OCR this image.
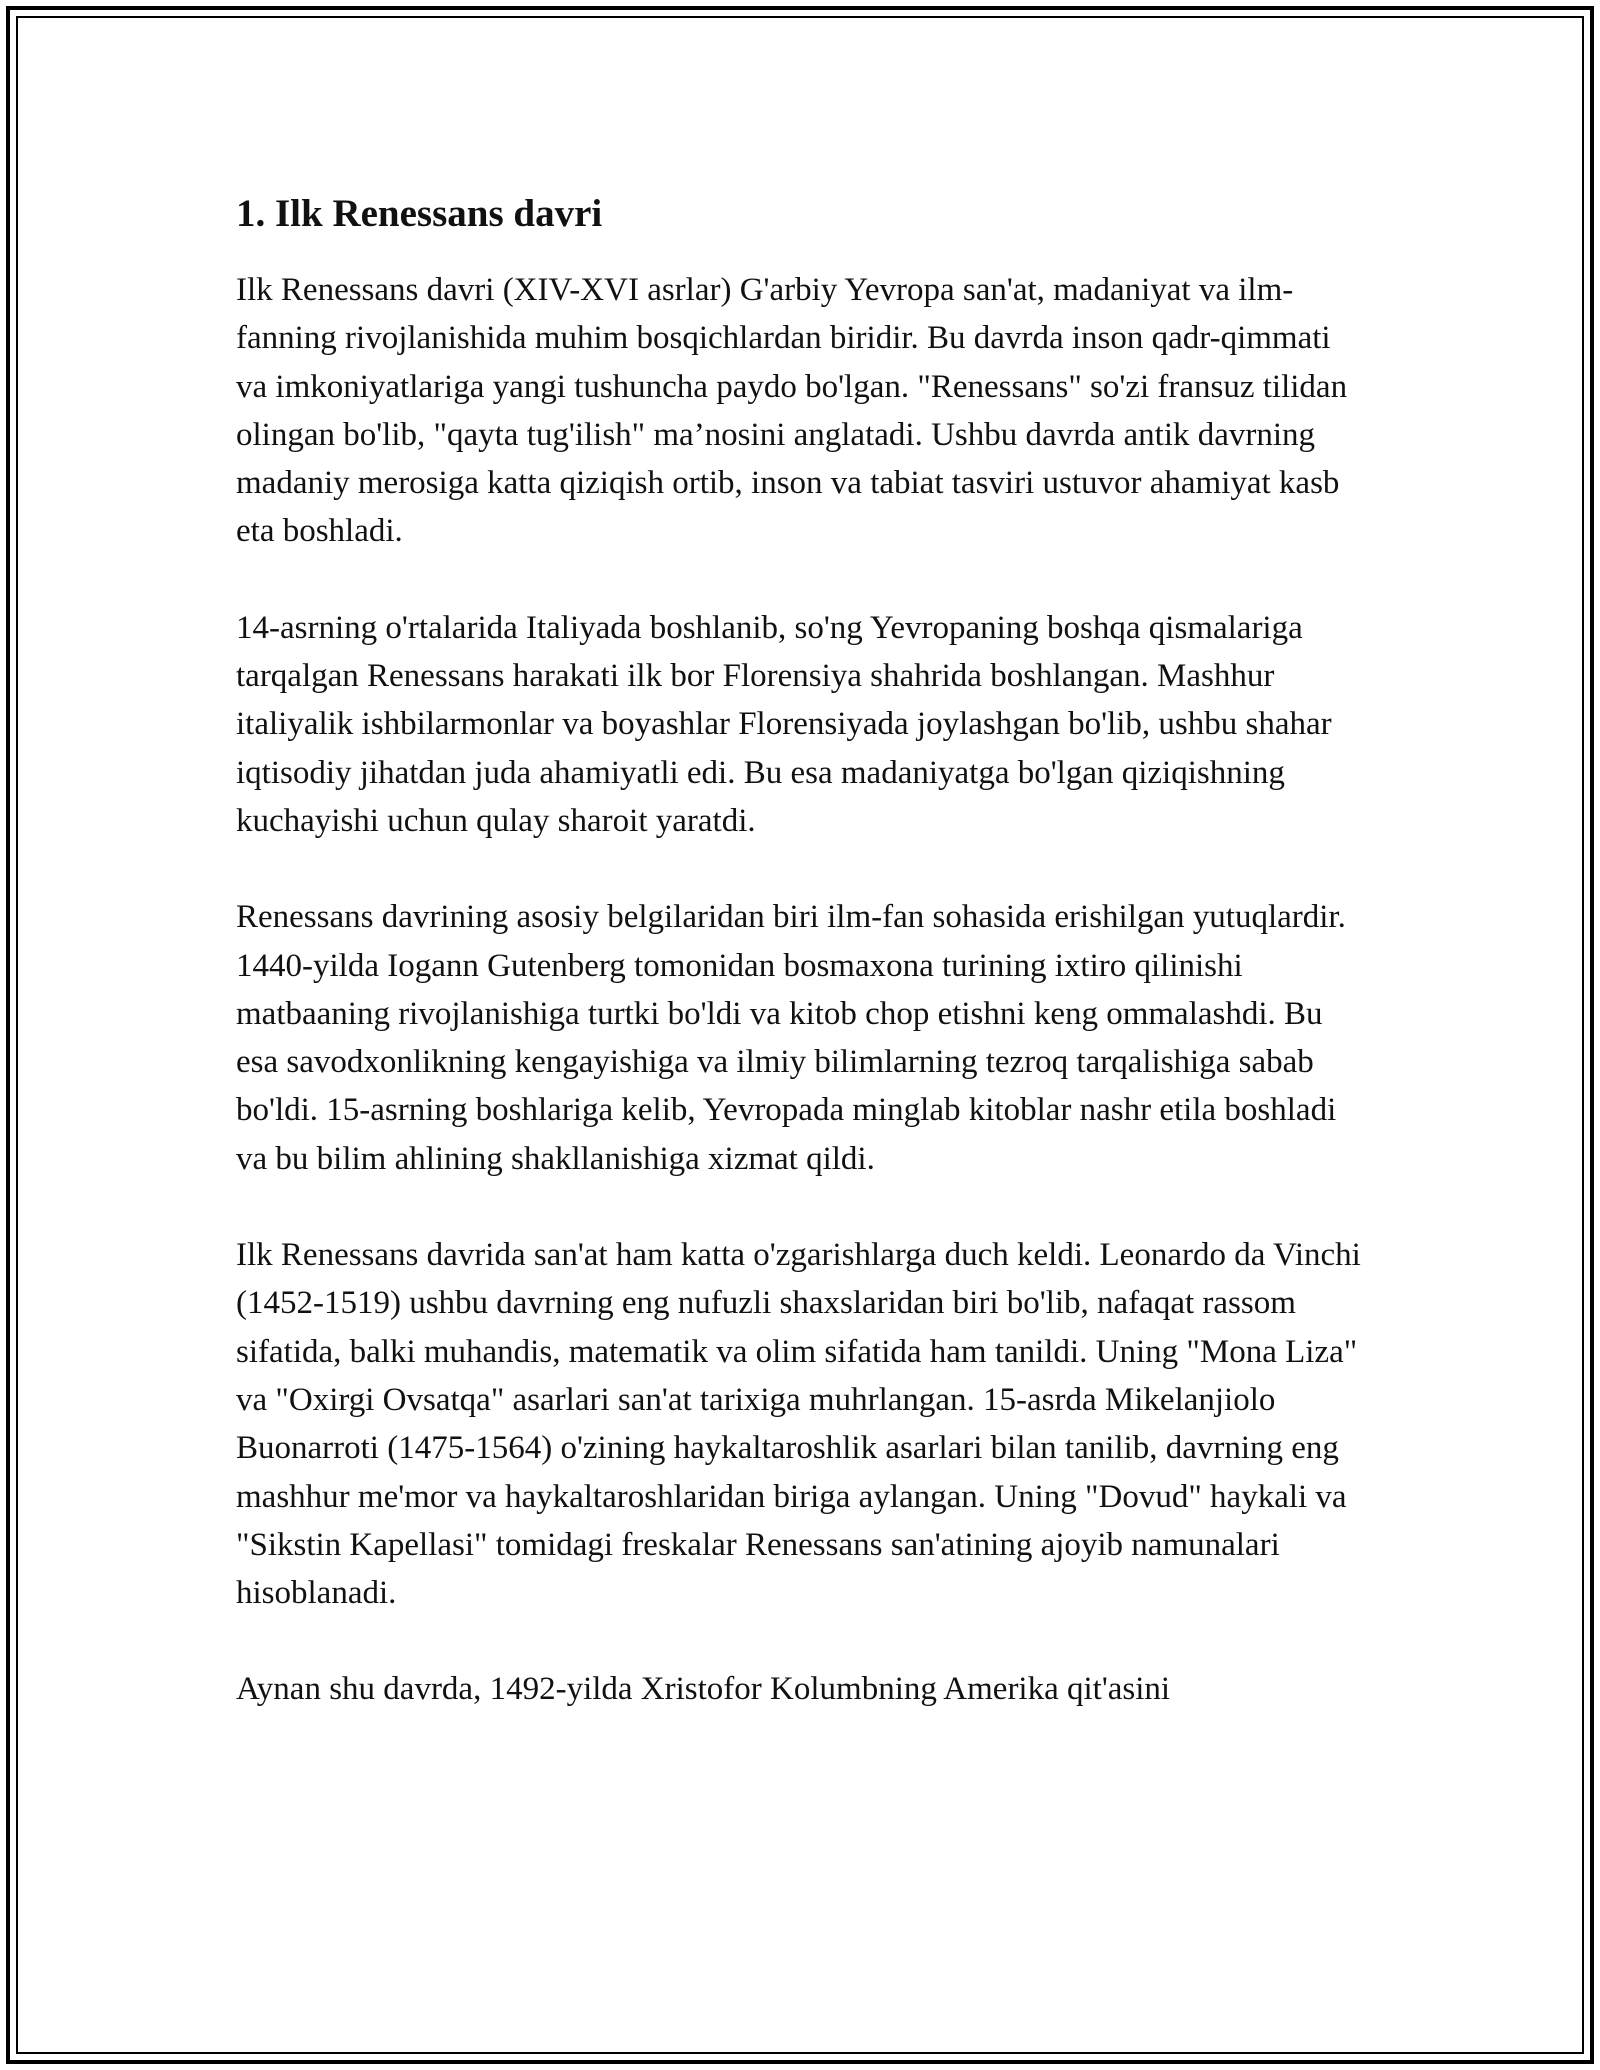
1. Ilk Renessans davri

Ilk Renessans davri (XIV-XVI asrlar) G'arbiy Yevropa san'at, madaniyat va ilm-fanning rivojlanishida muhim bosqichlardan biridir. Bu davrda inson qadr-qimmati va imkoniyatlariga yangi tushuncha paydo bo'lgan. "Renessans" so'zi fransuz tilidan olingan bo'lib, "qayta tug'ilish" ma’nosini anglatadi. Ushbu davrda antik davrning madaniy merosiga katta qiziqish ortib, inson va tabiat tasviri ustuvor ahamiyat kasb eta boshladi.

14-asrning o'rtalarida Italiyada boshlanib, so'ng Yevropaning boshqa qismalariga tarqalgan Renessans harakati ilk bor Florensiya shahrida boshlangan. Mashhur italiyalik ishbilarmonlar va boyashlar Florensiyada joylashgan bo'lib, ushbu shahar iqtisodiy jihatdan juda ahamiyatli edi. Bu esa madaniyatga bo'lgan qiziqishning kuchayishi uchun qulay sharoit yaratdi.

Renessans davrining asosiy belgilaridan biri ilm-fan sohasida erishilgan yutuqlardir. 1440-yilda Iogann Gutenberg tomonidan bosmaxona turining ixtiro qilinishi matbaaning rivojlanishiga turtki bo'ldi va kitob chop etishni keng ommalashdi. Bu esa savodxonlikning kengayishiga va ilmiy bilimlarning tezroq tarqalishiga sabab bo'ldi. 15-asrning boshlariga kelib, Yevropada minglab kitoblar nashr etila boshladi va bu bilim ahlining shakllanishiga xizmat qildi.

Ilk Renessans davrida san'at ham katta o'zgarishlarga duch keldi. Leonardo da Vinchi (1452-1519) ushbu davrning eng nufuzli shaxslaridan biri bo'lib, nafaqat rassom sifatida, balki muhandis, matematik va olim sifatida ham tanildi. Uning "Mona Liza" va "Oxirgi Ovsatqa" asarlari san'at tarixiga muhrlangan. 15-asrda Mikelanjiolo Buonarroti (1475-1564) o'zining haykaltaroshlik asarlari bilan tanilib, davrning eng mashhur me'mor va haykaltaroshlaridan biriga aylangan. Uning "Dovud" haykali va "Sikstin Kapellasi" tomidagi freskalar Renessans san'atining ajoyib namunalari hisoblanadi.

Aynan shu davrda, 1492-yilda Xristofor Kolumbning Amerika qit'asini
